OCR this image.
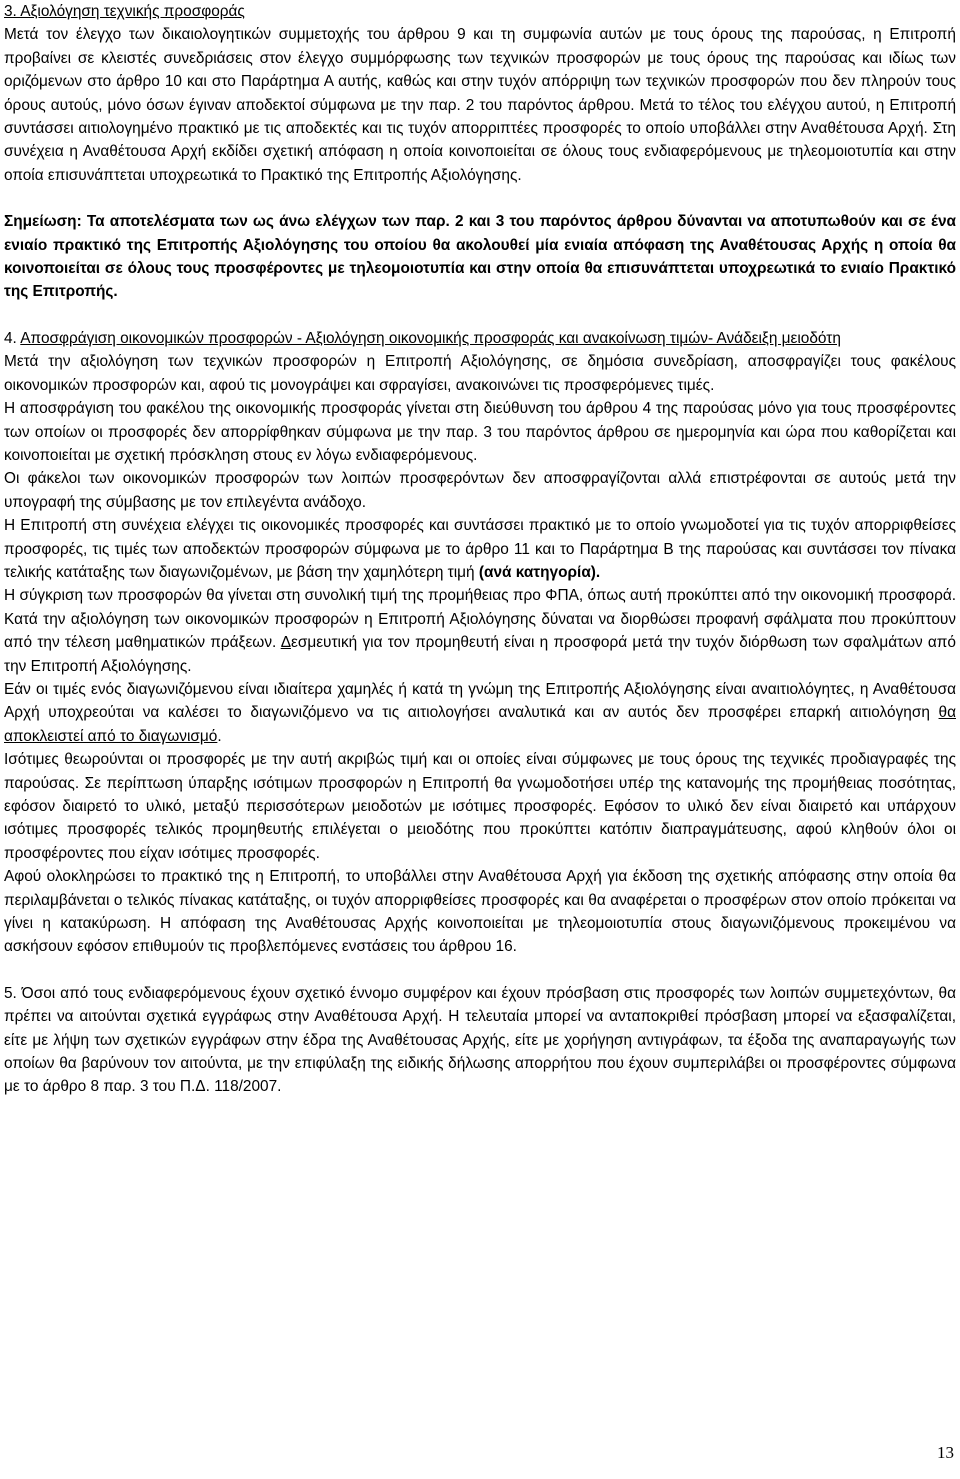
3. Αξιολόγηση τεχνικής προσφοράς

Μετά τον έλεγχο των δικαιολογητικών συμμετοχής του άρθρου 9 και τη συμφωνία αυτών με τους όρους της παρούσας, η Επιτροπή προβαίνει σε κλειστές συνεδριάσεις στον έλεγχο συμμόρφωσης των τεχνικών προσφορών με τους όρους της παρούσας και ιδίως των οριζόμενων στο άρθρο 10 και στο Παράρτημα Α αυτής, καθώς και στην τυχόν απόρριψη των τεχνικών προσφορών που δεν πληρούν τους όρους αυτούς, μόνο όσων έγιναν αποδεκτοί σύμφωνα με την παρ. 2 του παρόντος άρθρου. Μετά το τέλος του ελέγχου αυτού, η Επιτροπή συντάσσει αιτιολογημένο πρακτικό με τις αποδεκτές και τις τυχόν απορριπτέες προσφορές το οποίο υποβάλλει στην Αναθέτουσα Αρχή. Στη συνέχεια η Αναθέτουσα Αρχή εκδίδει σχετική απόφαση η οποία κοινοποιείται σε όλους τους ενδιαφερόμενους με τηλεομοιοτυπία και στην οποία επισυνάπτεται υποχρεωτικά το Πρακτικό της Επιτροπής Αξιολόγησης.

Σημείωση: Τα αποτελέσματα των ως άνω ελέγχων των παρ. 2 και 3 του παρόντος άρθρου δύνανται να αποτυπωθούν και σε ένα ενιαίο πρακτικό της Επιτροπής Αξιολόγησης του οποίου θα ακολουθεί μία ενιαία απόφαση της Αναθέτουσας Αρχής η οποία θα κοινοποιείται σε όλους τους προσφέροντες με τηλεομοιοτυπία και στην οποία θα επισυνάπτεται υποχρεωτικά το ενιαίο Πρακτικό της Επιτροπής.

4. Αποσφράγιση οικονομικών προσφορών - Αξιολόγηση οικονομικής προσφοράς και ανακοίνωση τιμών- Ανάδειξη μειοδότη

Μετά την αξιολόγηση των τεχνικών προσφορών η Επιτροπή Αξιολόγησης, σε δημόσια συνεδρίαση, αποσφραγίζει τους φακέλους οικονομικών προσφορών και, αφού τις μονογράψει και σφραγίσει, ανακοινώνει τις προσφερόμενες τιμές.

Η αποσφράγιση του φακέλου της οικονομικής προσφοράς γίνεται στη διεύθυνση του άρθρου 4 της παρούσας μόνο για τους προσφέροντες των οποίων οι προσφορές δεν απορρίφθηκαν σύμφωνα με την παρ. 3 του παρόντος άρθρου σε ημερομηνία και ώρα που καθορίζεται και κοινοποιείται με σχετική πρόσκληση στους εν λόγω ενδιαφερόμενους.

Οι φάκελοι των οικονομικών προσφορών των λοιπών προσφερόντων δεν αποσφραγίζονται αλλά επιστρέφονται σε αυτούς μετά την υπογραφή της σύμβασης με τον επιλεγέντα ανάδοχο.

Η Επιτροπή στη συνέχεια ελέγχει τις οικονομικές προσφορές και συντάσσει πρακτικό με το οποίο γνωμοδοτεί για τις τυχόν απορριφθείσες προσφορές, τις τιμές των αποδεκτών προσφορών σύμφωνα με το άρθρο 11 και το Παράρτημα Β της παρούσας και συντάσσει τον πίνακα τελικής κατάταξης των διαγωνιζομένων, με βάση την χαμηλότερη τιμή (ανά κατηγορία).

Η σύγκριση των προσφορών θα γίνεται στη συνολική τιμή της προμήθειας προ ΦΠΑ, όπως αυτή προκύπτει από την οικονομική προσφορά. Κατά την αξιολόγηση των οικονομικών προσφορών η Επιτροπή Αξιολόγησης δύναται να διορθώσει προφανή σφάλματα που προκύπτουν από την τέλεση μαθηματικών πράξεων. Δεσμευτική για τον προμηθευτή είναι η προσφορά μετά την τυχόν διόρθωση των σφαλμάτων από την Επιτροπή Αξιολόγησης.

Εάν οι τιμές ενός διαγωνιζόμενου είναι ιδιαίτερα χαμηλές ή κατά τη γνώμη της Επιτροπής Αξιολόγησης είναι αναιτιολόγητες, η Αναθέτουσα Αρχή υποχρεούται να καλέσει το διαγωνιζόμενο να τις αιτιολογήσει αναλυτικά και αν αυτός δεν προσφέρει επαρκή αιτιολόγηση θα αποκλειστεί από το διαγωνισμό.

Ισότιμες θεωρούνται οι προσφορές με την αυτή ακριβώς τιμή και οι οποίες είναι σύμφωνες με τους όρους της τεχνικές προδιαγραφές της παρούσας. Σε περίπτωση ύπαρξης ισότιμων προσφορών η Επιτροπή θα γνωμοδοτήσει υπέρ της κατανομής της προμήθειας ποσότητας, εφόσον διαιρετό το υλικό, μεταξύ περισσότερων μειοδοτών με ισότιμες προσφορές. Εφόσον το υλικό δεν είναι διαιρετό και υπάρχουν ισότιμες προσφορές τελικός προμηθευτής επιλέγεται ο μειοδότης που προκύπτει κατόπιν διαπραγμάτευσης, αφού κληθούν όλοι οι προσφέροντες που είχαν ισότιμες προσφορές.

Αφού ολοκληρώσει το πρακτικό της η Επιτροπή, το υποβάλλει στην Αναθέτουσα Αρχή για έκδοση της σχετικής απόφασης στην οποία θα περιλαμβάνεται ο τελικός πίνακας κατάταξης, οι τυχόν απορριφθείσες προσφορές και θα αναφέρεται ο προσφέρων στον οποίο πρόκειται να γίνει η κατακύρωση. Η απόφαση της Αναθέτουσας Αρχής κοινοποιείται με τηλεομοιοτυπία στους διαγωνιζόμενους προκειμένου να ασκήσουν εφόσον επιθυμούν τις προβλεπόμενες ενστάσεις του άρθρου 16.

5. Όσοι από τους ενδιαφερόμενους έχουν σχετικό έννομο συμφέρον και έχουν πρόσβαση στις προσφορές των λοιπών συμμετεχόντων, θα πρέπει να αιτούνται σχετικά εγγράφως στην Αναθέτουσα Αρχή. Η τελευταία μπορεί να ανταποκριθεί πρόσβαση μπορεί να εξασφαλίζεται, είτε με λήψη των σχετικών εγγράφων στην έδρα της Αναθέτουσας Αρχής, είτε με χορήγηση αντιγράφων, τα έξοδα της αναπαραγωγής των οποίων θα βαρύνουν τον αιτούντα, με την επιφύλαξη της ειδικής δήλωσης απορρήτου που έχουν συμπεριλάβει οι προσφέροντες σύμφωνα με το άρθρο 8 παρ. 3 του Π.Δ. 118/2007.

13
